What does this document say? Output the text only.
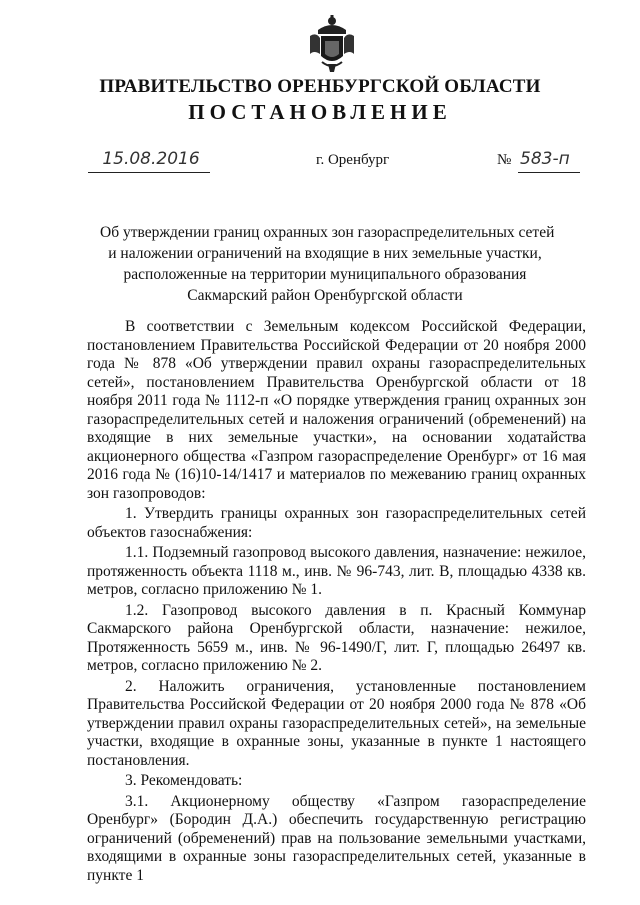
ПРАВИТЕЛЬСТВО ОРЕНБУРГСКОЙ ОБЛАСТИ
ПОСТАНОВЛЕНИЕ
15.08.2016	г. Оренбург	№ 583-п
Об утверждении границ охранных зон газораспределительных сетей
и наложении ограничений на входящие в них земельные участки,
расположенные на территории муниципального образования
Сакмарский район Оренбургской области

В соответствии с Земельным кодексом Российской Федерации, постановлением Правительства Российской Федерации от 20 ноября 2000 года № 878 «Об утверждении правил охраны газораспределительных сетей», постановлением Правительства Оренбургской области от 18 ноября 2011 года № 1112-п «О порядке утверждения границ охранных зон газораспределительных сетей и наложения ограничений (обременений) на входящие в них земельные участки», на основании ходатайства акционерного общества «Газпром газораспределение Оренбург» от 16 мая 2016 года № (16)10-14/1417 и материалов по межеванию границ охранных зон газопроводов:

1. Утвердить границы охранных зон газораспределительных сетей объектов газоснабжения:

1.1. Подземный газопровод высокого давления, назначение: нежилое, протяженность объекта 1118 м., инв. № 96-743, лит. В, площадью 4338 кв. метров, согласно приложению № 1.

1.2. Газопровод высокого давления в п. Красный Коммунар Сакмарского района Оренбургской области, назначение: нежилое, Протяженность 5659 м., инв. № 96-1490/Г, лит. Г, площадью 26497 кв. метров, согласно приложению № 2.

2. Наложить ограничения, установленные постановлением Правительства Российской Федерации от 20 ноября 2000 года № 878 «Об утверждении правил охраны газораспределительных сетей», на земельные участки, входящие в охранные зоны, указанные в пункте 1 настоящего постановления.

3. Рекомендовать:

3.1. Акционерному обществу «Газпром газораспределение Оренбург» (Бородин Д.А.) обеспечить государственную регистрацию ограничений (обременений) прав на пользование земельными участками, входящими в охранные зоны газораспределительных сетей, указанные в пункте 1
